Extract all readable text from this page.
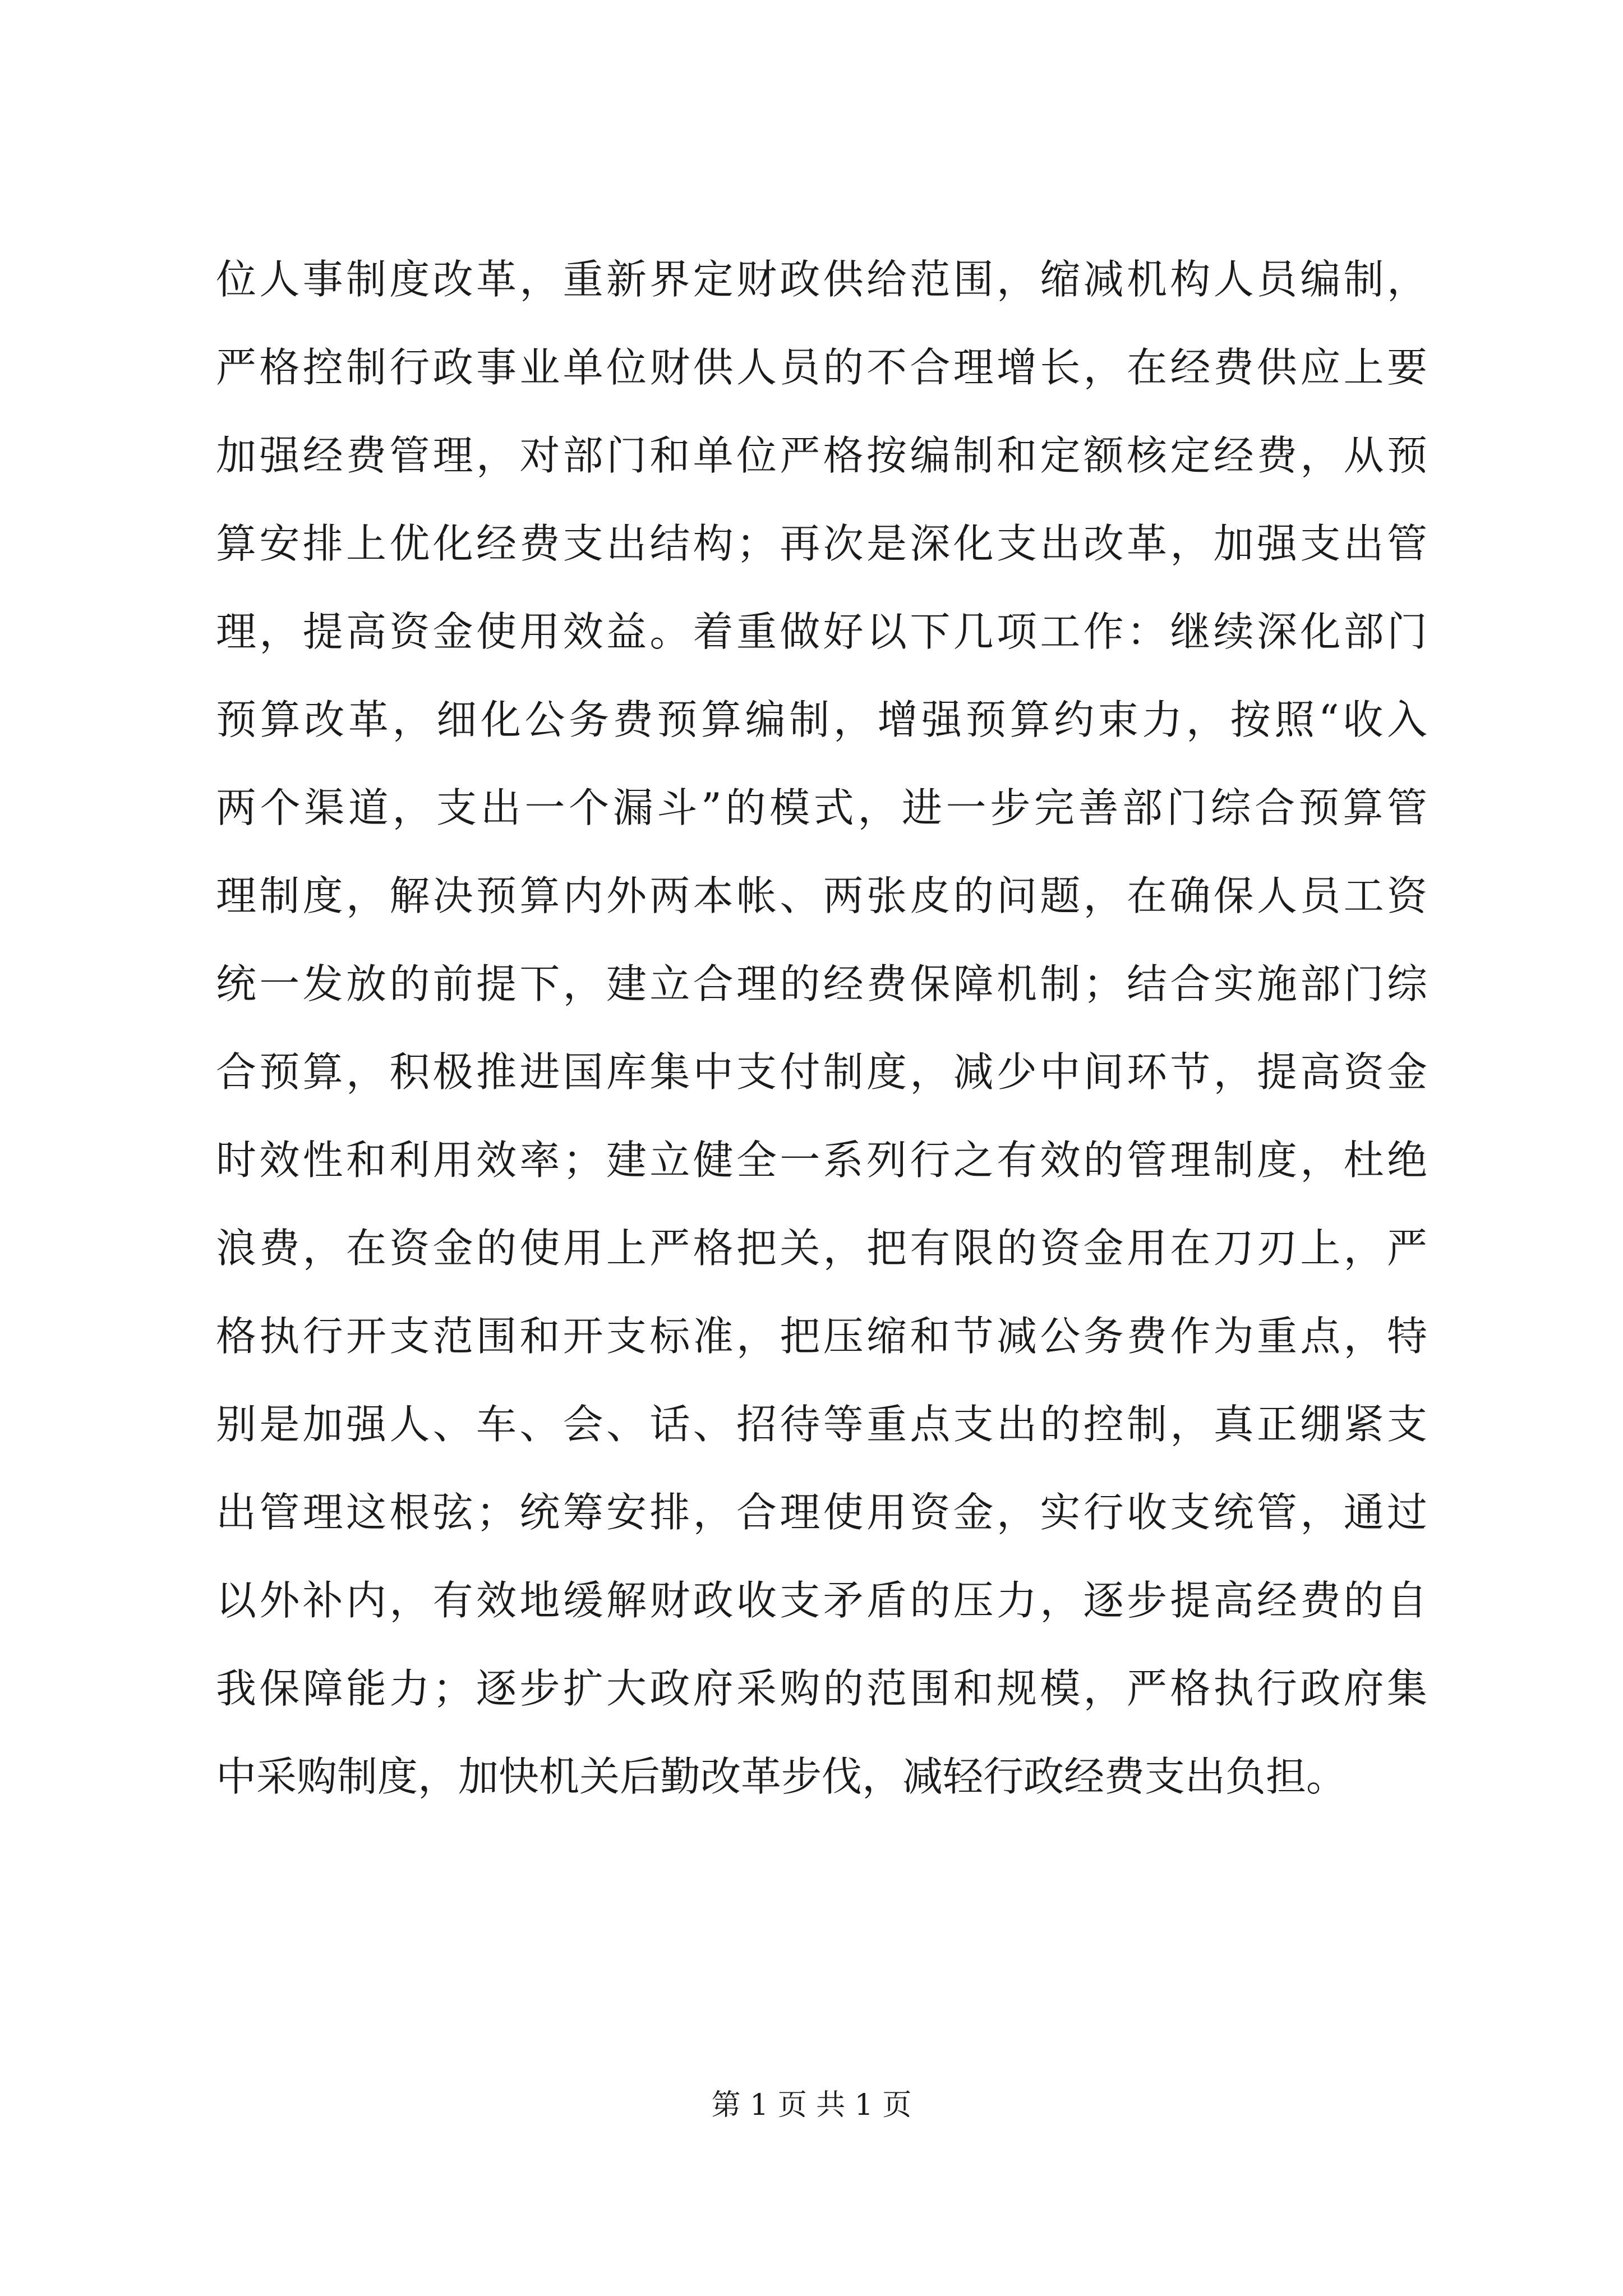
位人事制度改革，重新界定财政供给范围，缩减机构人员编制，
严格控制行政事业单位财供人员的不合理增长，在经费供应上要
加强经费管理，对部门和单位严格按编制和定额核定经费，从预
算安排上优化经费支出结构；再次是深化支出改革，加强支出管
理，提高资金使用效益。着重做好以下几项工作：继续深化部门
预算改革，细化公务费预算编制，增强预算约束力，按照“收入
两个渠道，支出一个漏斗”的模式，进一步完善部门综合预算管
理制度，解决预算内外两本帐、两张皮的问题，在确保人员工资
统一发放的前提下，建立合理的经费保障机制；结合实施部门综
合预算，积极推进国库集中支付制度，减少中间环节，提高资金
时效性和利用效率；建立健全一系列行之有效的管理制度，杜绝
浪费，在资金的使用上严格把关，把有限的资金用在刀刃上，严
格执行开支范围和开支标准，把压缩和节减公务费作为重点，特
别是加强人、车、会、话、招待等重点支出的控制，真正绷紧支
出管理这根弦；统筹安排，合理使用资金，实行收支统管，通过
以外补内，有效地缓解财政收支矛盾的压力，逐步提高经费的自
我保障能力；逐步扩大政府采购的范围和规模，严格执行政府集
中采购制度，加快机关后勤改革步伐，减轻行政经费支出负担。
第 1 页 共 1 页
